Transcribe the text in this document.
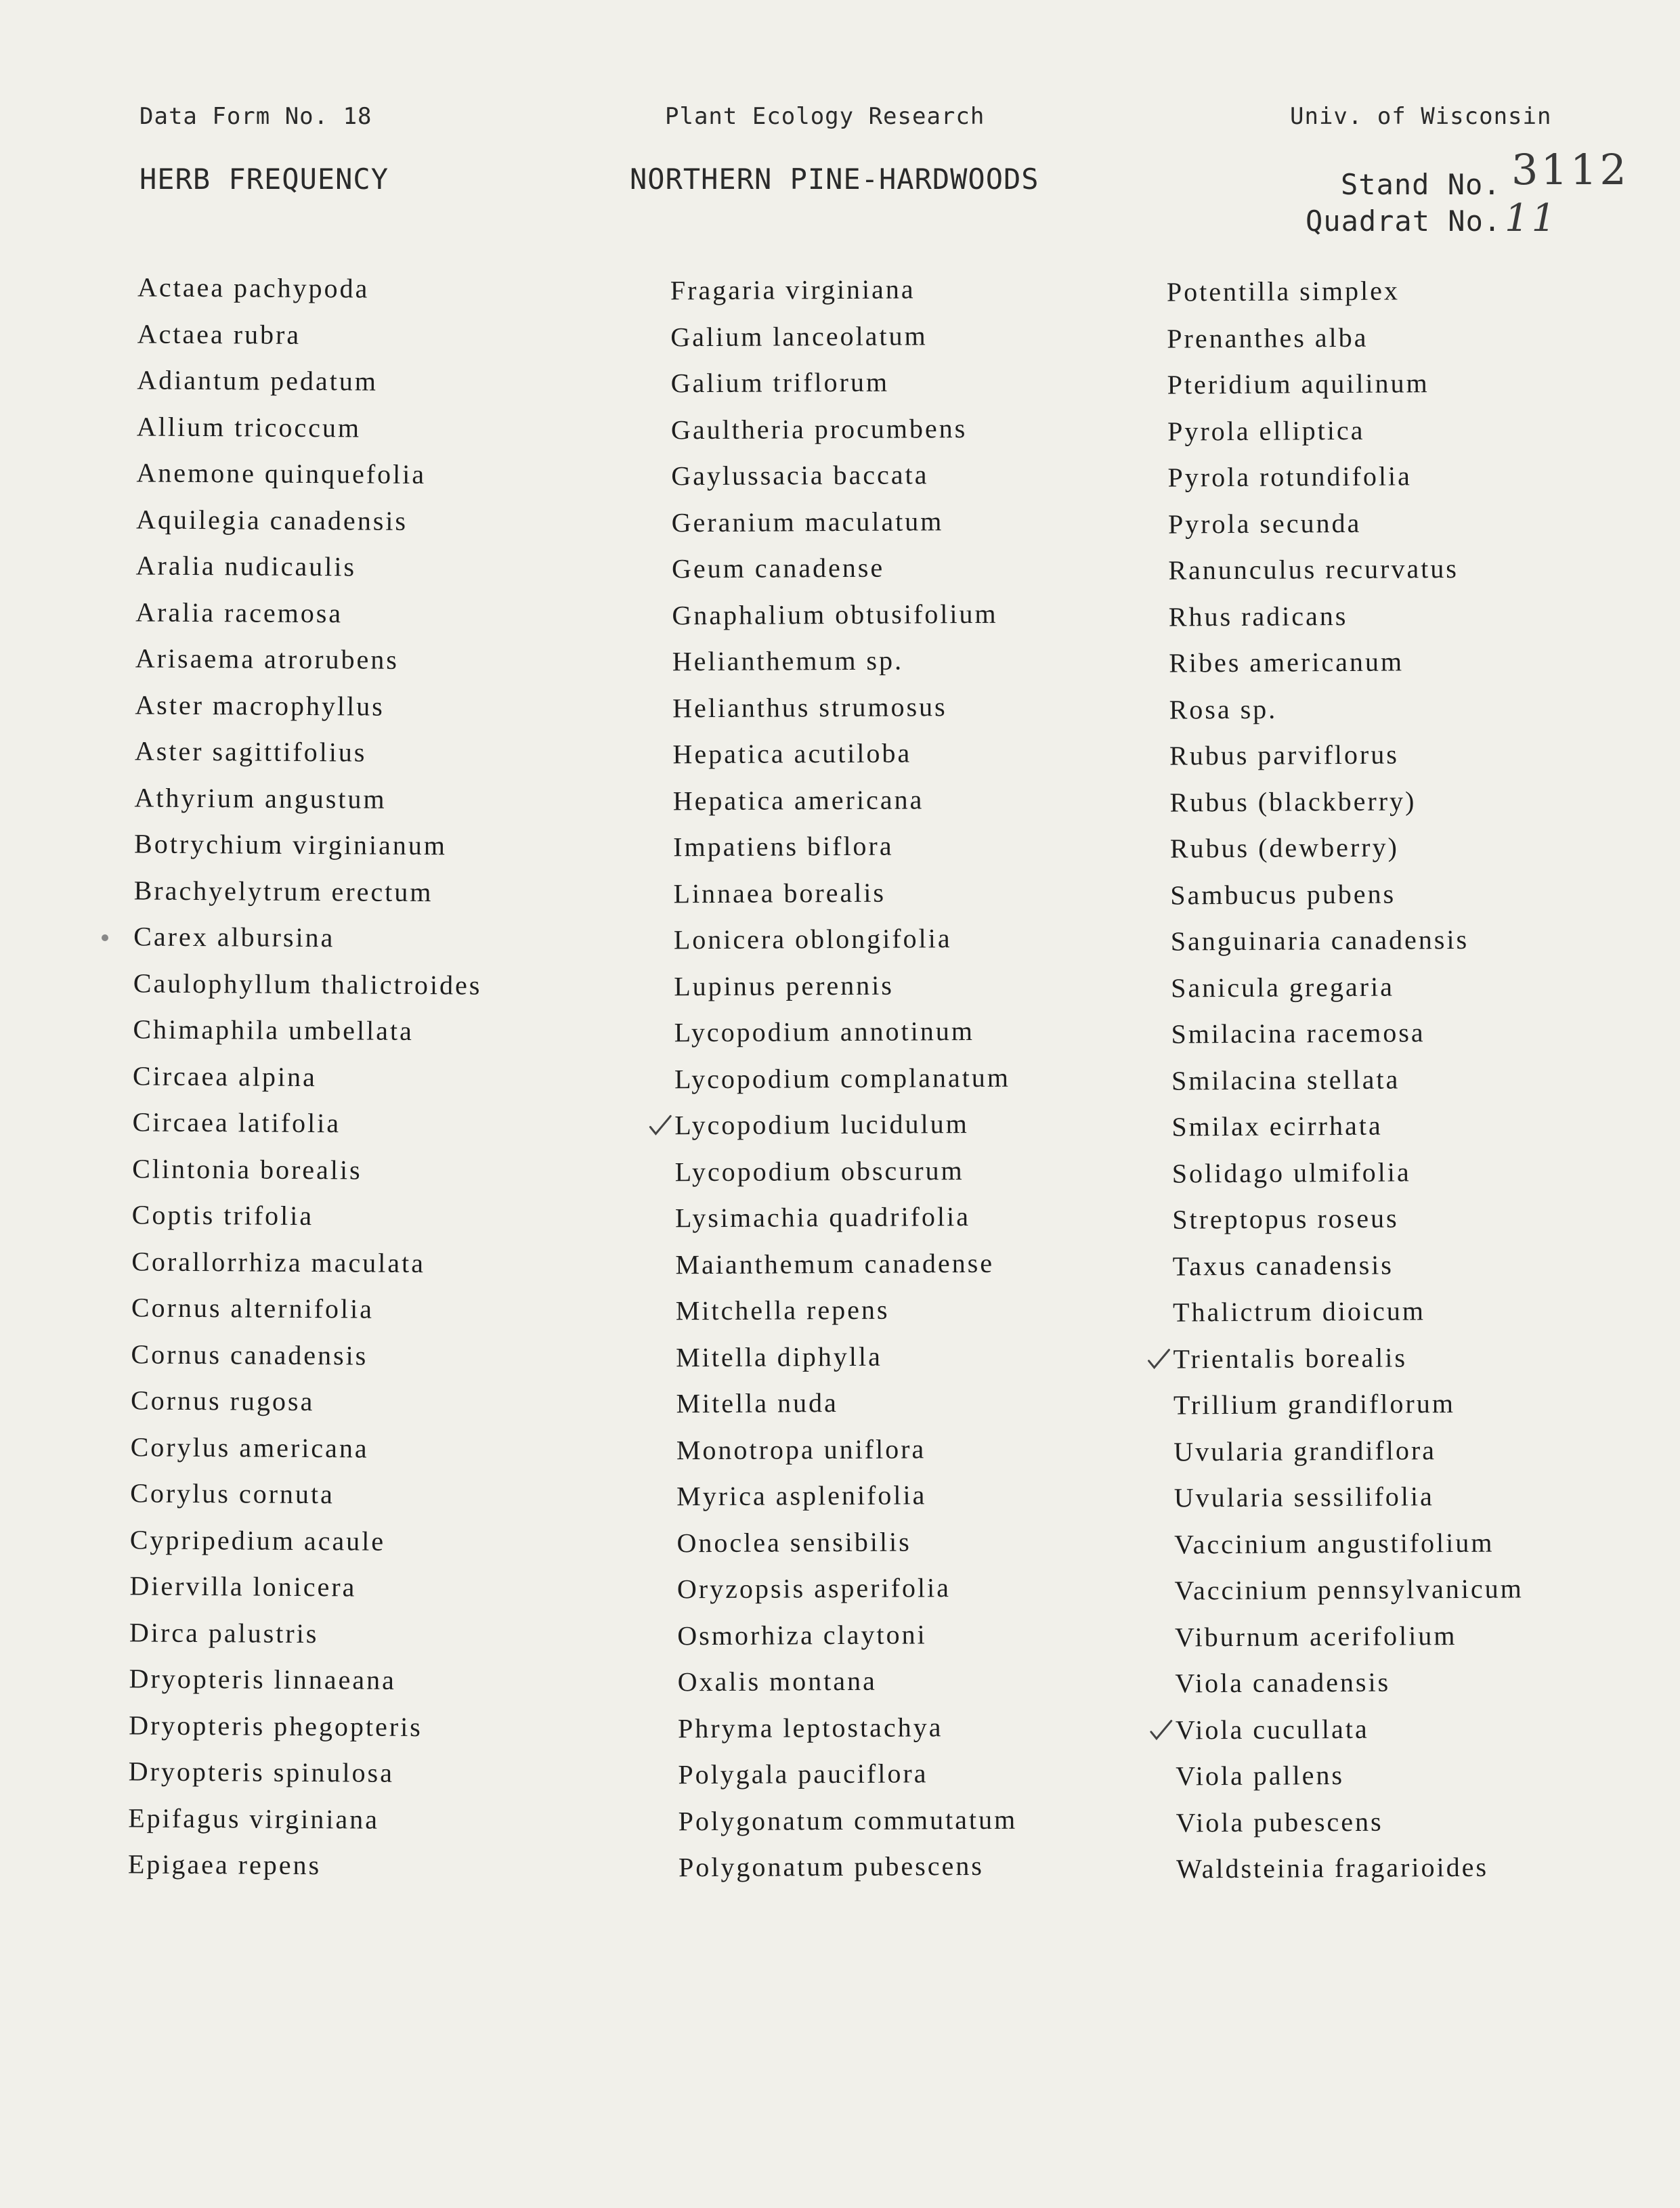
Data Form No. 18	Plant Ecology Research	Univ. of Wisconsin
HERB FREQUENCY	NORTHERN PINE-HARDWOODS	Stand No. 3112
Quadrat No. 11
Actaea pachypoda
Actaea rubra
Adiantum pedatum
Allium tricoccum
Anemone quinquefolia
Aquilegia canadensis
Aralia nudicaulis
Aralia racemosa
Arisaema atrorubens
Aster macrophyllus
Aster sagittifolius
Athyrium angustum
Botrychium virginianum
Brachyelytrum erectum
Carex albursina
Caulophyllum thalictroides
Chimaphila umbellata
Circaea alpina
Circaea latifolia
Clintonia borealis
Coptis trifolia
Corallorrhiza maculata
Cornus alternifolia
Cornus canadensis
Cornus rugosa
Corylus americana
Corylus cornuta
Cypripedium acaule
Diervilla lonicera
Dirca palustris
Dryopteris linnaeana
Dryopteris phegopteris
Dryopteris spinulosa
Epifagus virginiana
Epigaea repens
Fragaria virginiana
Galium lanceolatum
Galium triflorum
Gaultheria procumbens
Gaylussacia baccata
Geranium maculatum
Geum canadense
Gnaphalium obtusifolium
Helianthemum sp.
Helianthus strumosus
Hepatica acutiloba
Hepatica americana
Impatiens biflora
Linnaea borealis
Lonicera oblongifolia
Lupinus perennis
Lycopodium annotinum
Lycopodium complanatum
Lycopodium lucidulum
Lycopodium obscurum
Lysimachia quadrifolia
Maianthemum canadense
Mitchella repens
Mitella diphylla
Mitella nuda
Monotropa uniflora
Myrica asplenifolia
Onoclea sensibilis
Oryzopsis asperifolia
Osmorhiza claytoni
Oxalis montana
Phryma leptostachya
Polygala pauciflora
Polygonatum commutatum
Polygonatum pubescens
Potentilla simplex
Prenanthes alba
Pteridium aquilinum
Pyrola elliptica
Pyrola rotundifolia
Pyrola secunda
Ranunculus recurvatus
Rhus radicans
Ribes americanum
Rosa sp.
Rubus parviflorus
Rubus (blackberry)
Rubus (dewberry)
Sambucus pubens
Sanguinaria canadensis
Sanicula gregaria
Smilacina racemosa
Smilacina stellata
Smilax ecirrhata
Solidago ulmifolia
Streptopus roseus
Taxus canadensis
Thalictrum dioicum
Trientalis borealis
Trillium grandiflorum
Uvularia grandiflora
Uvularia sessilifolia
Vaccinium angustifolium
Vaccinium pennsylvanicum
Viburnum acerifolium
Viola canadensis
Viola cucullata
Viola pallens
Viola pubescens
Waldsteinia fragarioides
